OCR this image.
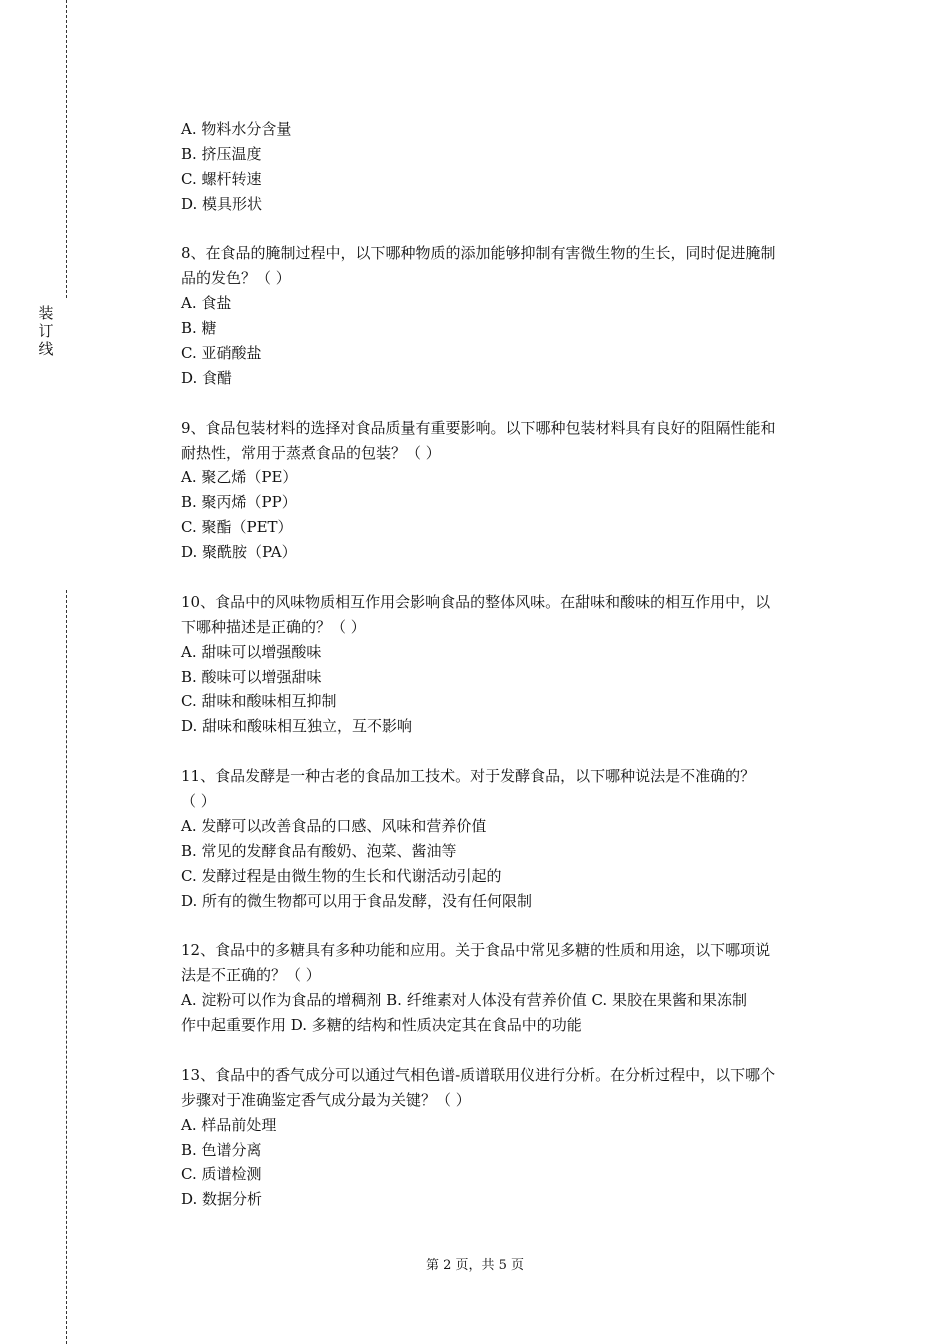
装
订
线
A. 物料水分含量
B. 挤压温度
C. 螺杆转速
D. 模具形状
8、在食品的腌制过程中，以下哪种物质的添加能够抑制有害微生物的生长，同时促进腌制
品的发色？（ ）
A. 食盐
B. 糖
C. 亚硝酸盐
D. 食醋
9、食品包装材料的选择对食品质量有重要影响。以下哪种包装材料具有良好的阻隔性能和
耐热性，常用于蒸煮食品的包装？（ ）
A. 聚乙烯（PE）
B. 聚丙烯（PP）
C. 聚酯（PET）
D. 聚酰胺（PA）
10、食品中的风味物质相互作用会影响食品的整体风味。在甜味和酸味的相互作用中，以
下哪种描述是正确的？（ ）
A. 甜味可以增强酸味
B. 酸味可以增强甜味
C. 甜味和酸味相互抑制
D. 甜味和酸味相互独立，互不影响
11、食品发酵是一种古老的食品加工技术。对于发酵食品，以下哪种说法是不准确的？
（ ）
A. 发酵可以改善食品的口感、风味和营养价值
B. 常见的发酵食品有酸奶、泡菜、酱油等
C. 发酵过程是由微生物的生长和代谢活动引起的
D. 所有的微生物都可以用于食品发酵，没有任何限制
12、食品中的多糖具有多种功能和应用。关于食品中常见多糖的性质和用途，以下哪项说
法是不正确的？（ ）
A. 淀粉可以作为食品的增稠剂 B. 纤维素对人体没有营养价值 C. 果胶在果酱和果冻制
作中起重要作用 D. 多糖的结构和性质决定其在食品中的功能
13、食品中的香气成分可以通过气相色谱-质谱联用仪进行分析。在分析过程中，以下哪个
步骤对于准确鉴定香气成分最为关键？（ ）
A. 样品前处理
B. 色谱分离
C. 质谱检测
D. 数据分析
第 2 页，共 5 页
